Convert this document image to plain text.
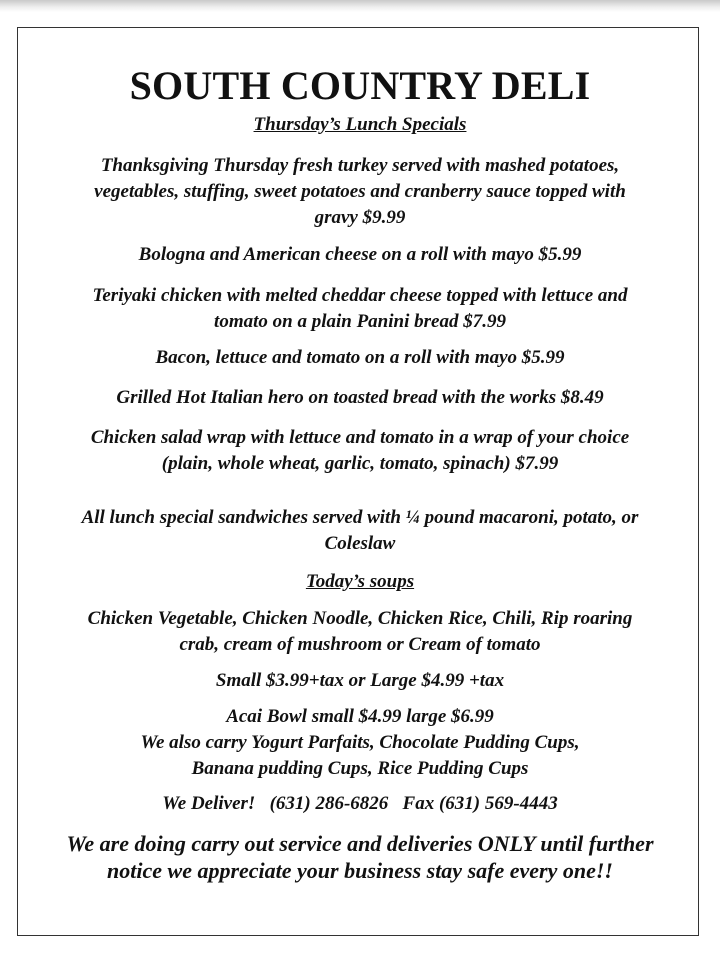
SOUTH COUNTRY DELI

Thursday’s Lunch Specials

Thanksgiving Thursday fresh turkey served with mashed potatoes,
vegetables, stuffing, sweet potatoes and cranberry sauce topped with
gravy $9.99

Bologna and American cheese on a roll with mayo $5.99

Teriyaki chicken with melted cheddar cheese topped with lettuce and
tomato on a plain Panini bread $7.99

Bacon, lettuce and tomato on a roll with mayo $5.99

Grilled Hot Italian hero on toasted bread with the works $8.49

Chicken salad wrap with lettuce and tomato in a wrap of your choice
(plain, whole wheat, garlic, tomato, spinach) $7.99

All lunch special sandwiches served with ¼ pound macaroni, potato, or
Coleslaw

Today’s soups

Chicken Vegetable, Chicken Noodle, Chicken Rice, Chili, Rip roaring
crab, cream of mushroom or Cream of tomato

Small $3.99+tax or Large $4.99 +tax

Acai Bowl small $4.99 large $6.99
We also carry Yogurt Parfaits, Chocolate Pudding Cups,
Banana pudding Cups, Rice Pudding Cups

We Deliver!   (631) 286-6826   Fax (631) 569-4443

We are doing carry out service and deliveries ONLY until further
notice we appreciate your business stay safe every one!!
